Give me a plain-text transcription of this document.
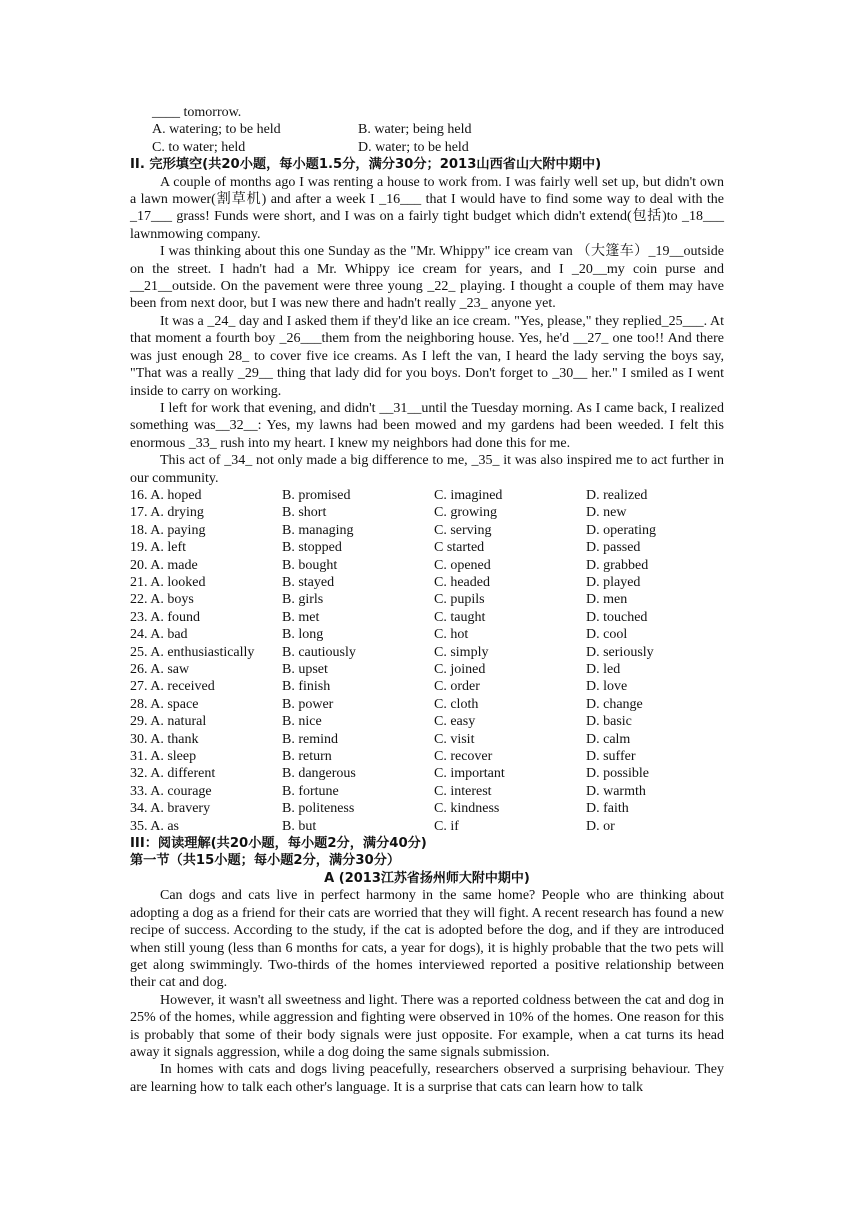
____ tomorrow.
A. watering; to be held	B. water; being held
C. to water; held	D. water; to be held
II. 完形填空(共20小题，每小题1.5分，满分30分；2013山西省山大附中期中)

A couple of months ago I was renting a house to work from. I was fairly well set up, but didn't own a lawn mower(割草机) and after a week I _16___ that I would have to find some way to deal with the _17___ grass! Funds were short, and I was on a fairly tight budget which didn't extend(包括)to _18___ lawnmowing company.

I was thinking about this one Sunday as the "Mr. Whippy" ice cream van （大篷车）_19__outside on the street. I hadn't had a Mr. Whippy ice cream for years, and I _20__my coin purse and __21__outside. On the pavement were three young _22_ playing. I thought a couple of them may have been from next door, but I was new there and hadn't really _23_ anyone yet.

It was a _24_ day and I asked them if they'd like an ice cream. "Yes, please," they replied_25___. At that moment a fourth boy _26___them from the neighboring house. Yes, he'd __27_ one too!! And there was just enough 28_ to cover five ice creams. As I left the van, I heard the lady serving the boys say, "That was a really _29__ thing that lady did for you boys. Don't forget to _30__ her." I smiled as I went inside to carry on working.

I left for work that evening, and didn't __31__until the Tuesday morning. As I came back, I realized something was__32__: Yes, my lawns had been mowed and my gardens had been weeded. I felt this enormous _33_ rush into my heart. I knew my neighbors had done this for me.

This act of _34_ not only made a big difference to me, _35_ it was also inspired me to act further in our community.

16. A. hoped	B. promised	C. imagined	D. realized
17. A. drying	B. short	C. growing	D. new
18. A. paying	B. managing	C. serving	D. operating
19. A. left	B. stopped	C started	D. passed
20. A. made	B. bought	C. opened	D. grabbed
21. A. looked	B. stayed	C. headed	D. played
22. A. boys	B. girls	C. pupils	D. men
23. A. found	B. met	C. taught	D. touched
24. A. bad	B. long	C. hot	D. cool
25. A. enthusiastically	B. cautiously	C. simply	D. seriously
26. A. saw	B. upset	C. joined	D. led
27. A. received	B. finish	C. order	D. love
28. A. space	B. power	C. cloth	D. change
29. A. natural	B. nice	C. easy	D. basic
30. A. thank	B. remind	C. visit	D. calm
31. A. sleep	B. return	C. recover	D. suffer
32. A. different	B. dangerous	C. important	D. possible
33. A. courage	B. fortune	C. interest	D. warmth
34. A. bravery	B. politeness	C. kindness	D. faith
35. A. as	B. but	C. if	D. or
III：阅读理解(共20小题，每小题2分，满分40分)
第一节（共15小题；每小题2分，满分30分）
A (2013江苏省扬州师大附中期中)

Can dogs and cats live in perfect harmony in the same home? People who are thinking about adopting a dog as a friend for their cats are worried that they will fight. A recent research has found a new recipe of success. According to the study, if the cat is adopted before the dog, and if they are introduced when still young (less than 6 months for cats, a year for dogs), it is highly probable that the two pets will get along swimmingly. Two-thirds of the homes interviewed reported a positive relationship between their cat and dog.

However, it wasn't all sweetness and light. There was a reported coldness between the cat and dog in 25% of the homes, while aggression and fighting were observed in 10% of the homes. One reason for this is probably that some of their body signals were just opposite. For example, when a cat turns its head away it signals aggression, while a dog doing the same signals submission.

In homes with cats and dogs living peacefully, researchers observed a surprising behaviour. They are learning how to talk each other's language. It is a surprise that cats can learn how to talk
